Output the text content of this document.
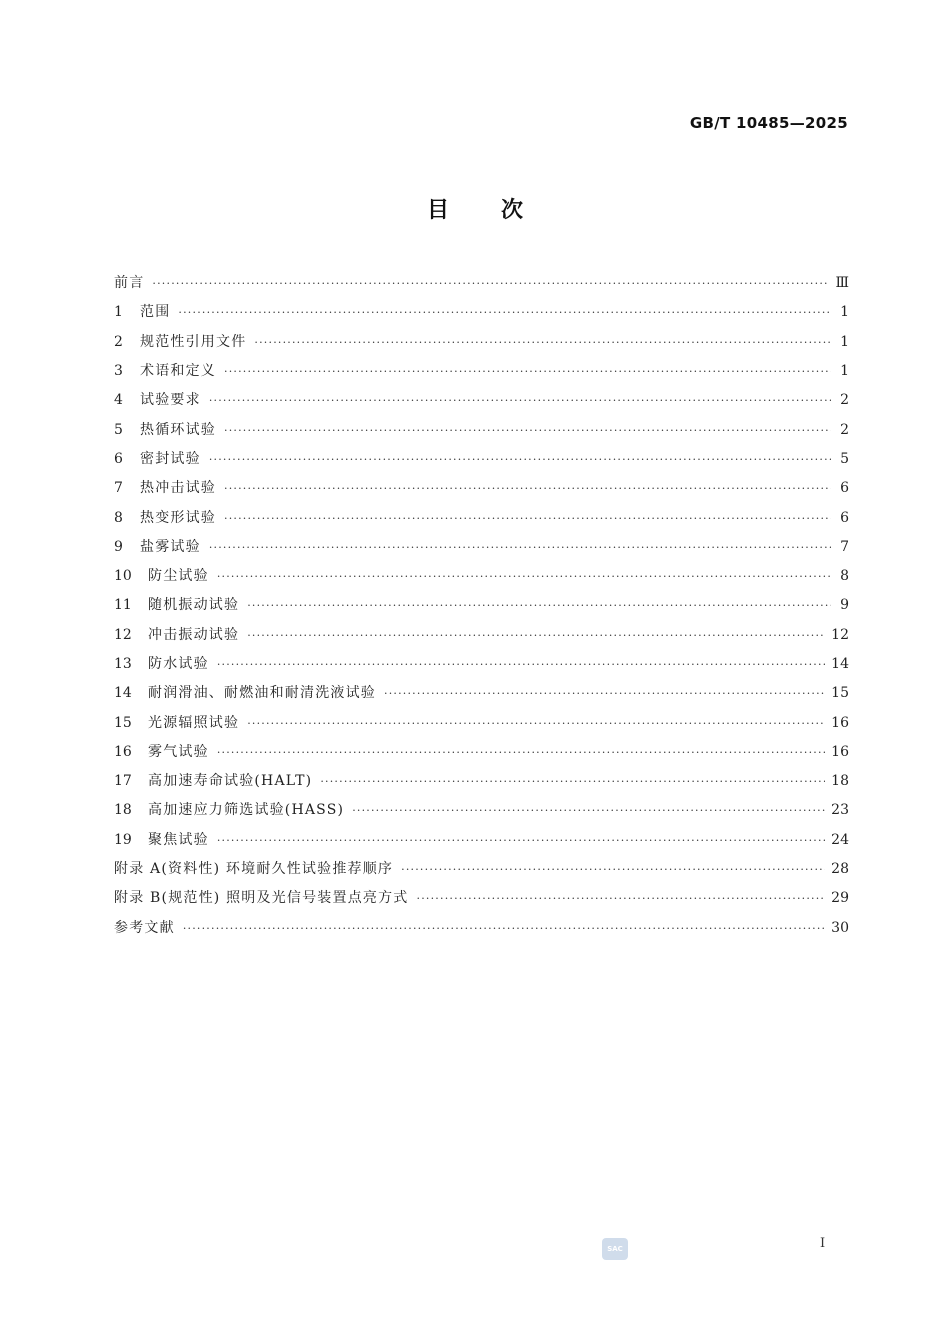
GB/T 10485—2025
目次
前言 ·····	Ⅲ
1	范围 ·····	1
2	规范性引用文件 ·····	1
3	术语和定义 ·····	1
4	试验要求 ·····	2
5	热循环试验 ·····	2
6	密封试验 ·····	5
7	热冲击试验 ·····	6
8	热变形试验 ·····	6
9	盐雾试验 ·····	7
10	防尘试验 ·····	8
11	随机振动试验 ·····	9
12	冲击振动试验 ·····	12
13	防水试验 ·····	14
14	耐润滑油、耐燃油和耐清洗液试验 ·····	15
15	光源辐照试验 ·····	16
16	雾气试验 ·····	16
17	高加速寿命试验(HALT) ·····	18
18	高加速应力筛选试验(HASS) ·····	23
19	聚焦试验 ·····	24
附录 A(资料性) 环境耐久性试验推荐顺序 ·····	28
附录 B(规范性) 照明及光信号装置点亮方式 ·····	29
参考文献 ·····	30
SAC	I
